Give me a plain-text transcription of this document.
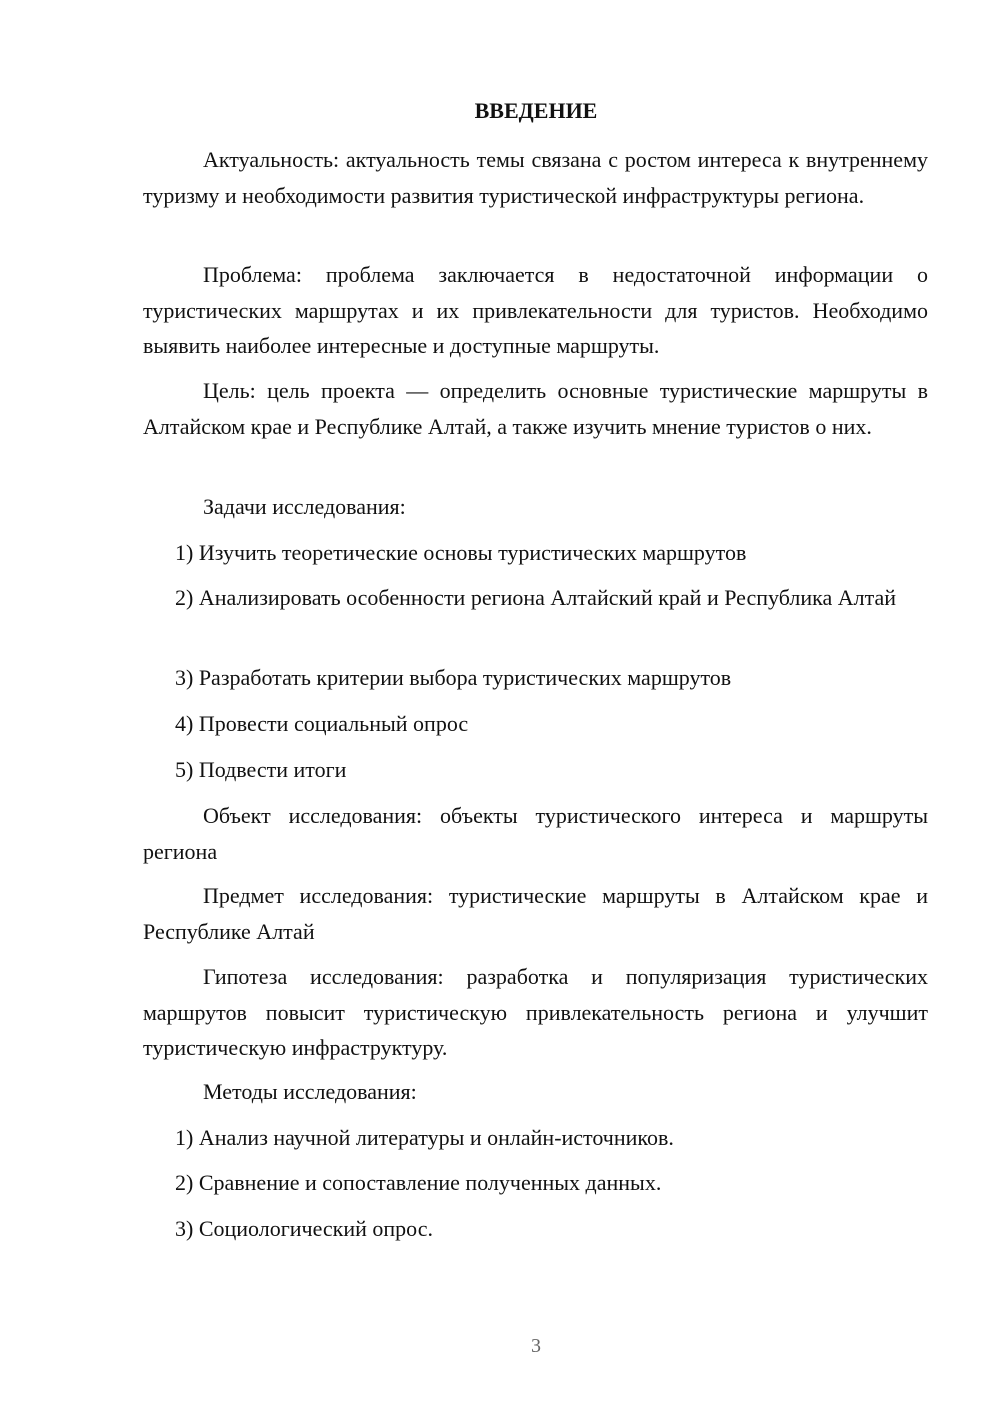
ВВЕДЕНИЕ
Актуальность: актуальность темы связана с ростом интереса к внутреннему туризму и необходимости развития туристической инфраструктуры региона.
Проблема: проблема заключается в недостаточной информации о туристических маршрутах и их привлекательности для туристов. Необходимо выявить наиболее интересные и доступные маршруты.
Цель: цель проекта — определить основные туристические маршруты в Алтайском крае и Республике Алтай, а также изучить мнение туристов о них.
Задачи исследования:
1) Изучить теоретические основы туристических маршрутов
2) Анализировать особенности региона Алтайский край и Республика Алтай
3) Разработать критерии выбора туристических маршрутов
4) Провести социальный опрос
5) Подвести итоги
Объект исследования: объекты туристического интереса и маршруты региона
Предмет исследования: туристические маршруты в Алтайском крае и Республике Алтай
Гипотеза исследования: разработка и популяризация туристических маршрутов повысит туристическую привлекательность региона и улучшит туристическую инфраструктуру.
Методы исследования:
1) Анализ научной литературы и онлайн-источников.
2) Сравнение и сопоставление полученных данных.
3) Социологический опрос.
3
